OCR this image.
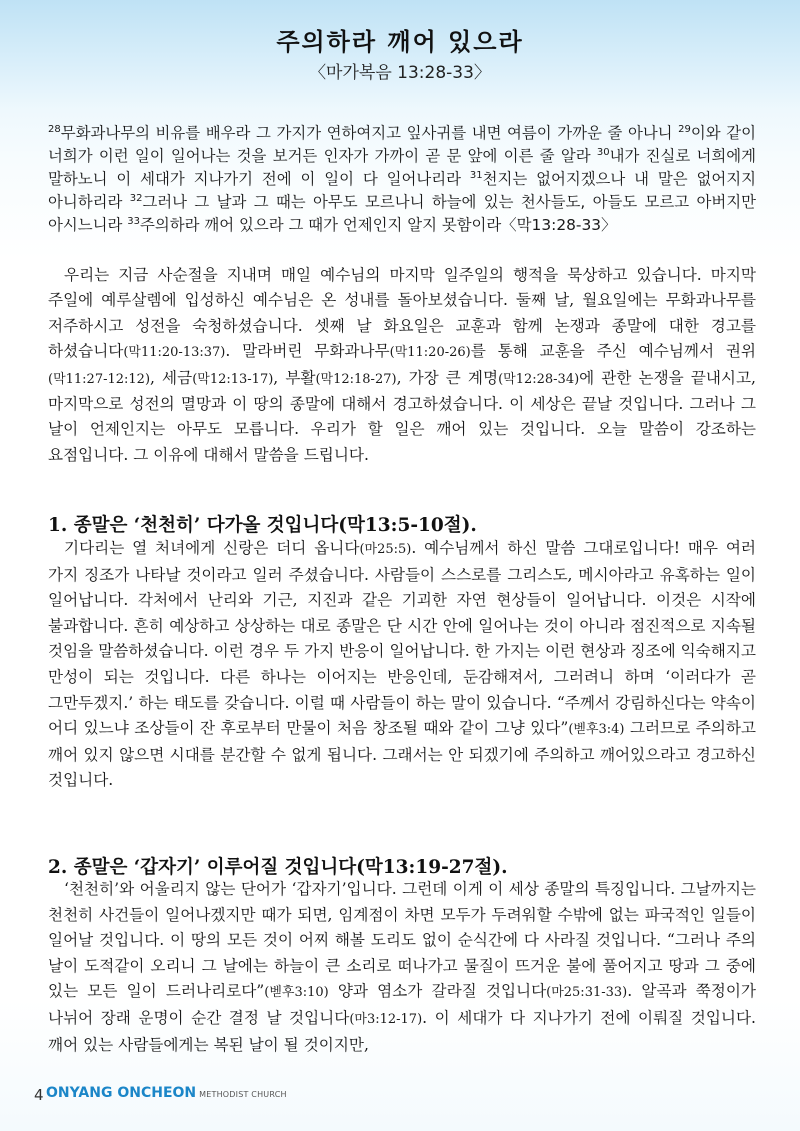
주의하라 깨어 있으라
〈마가복음 13:28-33〉
$^{28}$무화과나무의 비유를 배우라 그 가지가 연하여지고 잎사귀를 내면 여름이 가까운 줄 아나니 $^{29}$이와 같이 너희가 이런 일이 일어나는 것을 보거든 인자가 가까이 곧 문 앞에 이른 줄 알라 $^{30}$내가 진실로 너희에게 말하노니 이 세대가 지나가기 전에 이 일이 다 일어나리라 $^{31}$천지는 없어지겠으나 내 말은 없어지지 아니하리라 $^{32}$그러나 그 날과 그 때는 아무도 모르나니 하늘에 있는 천사들도, 아들도 모르고 아버지만 아시느니라 $^{33}$주의하라 깨어 있으라 그 때가 언제인지 알지 못함이라〈막13:28-33〉
우리는 지금 사순절을 지내며 매일 예수님의 마지막 일주일의 행적을 묵상하고 있습니다. 마지막 주일에 예루살렘에 입성하신 예수님은 온 성내를 돌아보셨습니다. 둘째 날, 월요일에는 무화과나무를 저주하시고 성전을 숙청하셨습니다. 셋째 날 화요일은 교훈과 함께 논쟁과 종말에 대한 경고를 하셨습니다(막11:20-13:37). 말라버린 무화과나무(막11:20-26)를 통해 교훈을 주신 예수님께서 권위(막11:27-12:12), 세금(막12:13-17), 부활(막12:18-27), 가장 큰 계명(막12:28-34)에 관한 논쟁을 끝내시고, 마지막으로 성전의 멸망과 이 땅의 종말에 대해서 경고하셨습니다. 이 세상은 끝날 것입니다. 그러나 그 날이 언제인지는 아무도 모릅니다. 우리가 할 일은 깨어 있는 것입니다. 오늘 말씀이 강조하는 요점입니다. 그 이유에 대해서 말씀을 드립니다.
1. 종말은 ‘천천히’ 다가올 것입니다(막13:5-10절).
기다리는 열 처녀에게 신랑은 더디 옵니다(마25:5). 예수님께서 하신 말씀 그대로입니다! 매우 여러 가지 징조가 나타날 것이라고 일러 주셨습니다. 사람들이 스스로를 그리스도, 메시아라고 유혹하는 일이 일어납니다. 각처에서 난리와 기근, 지진과 같은 기괴한 자연 현상들이 일어납니다. 이것은 시작에 불과합니다. 흔히 예상하고 상상하는 대로 종말은 단 시간 안에 일어나는 것이 아니라 점진적으로 지속될 것임을 말씀하셨습니다. 이런 경우 두 가지 반응이 일어납니다. 한 가지는 이런 현상과 징조에 익숙해지고 만성이 되는 것입니다. 다른 하나는 이어지는 반응인데, 둔감해져서, 그러려니 하며 ‘이러다가 곧 그만두겠지.’ 하는 태도를 갖습니다. 이럴 때 사람들이 하는 말이 있습니다. “주께서 강림하신다는 약속이 어디 있느냐 조상들이 잔 후로부터 만물이 처음 창조될 때와 같이 그냥 있다”(벧후3:4) 그러므로 주의하고 깨어 있지 않으면 시대를 분간할 수 없게 됩니다. 그래서는 안 되겠기에 주의하고 깨어있으라고 경고하신 것입니다.
2. 종말은 ‘갑자기’ 이루어질 것입니다(막13:19-27절).
‘천천히’와 어울리지 않는 단어가 ‘갑자기’입니다. 그런데 이게 이 세상 종말의 특징입니다. 그날까지는 천천히 사건들이 일어나겠지만 때가 되면, 임계점이 차면 모두가 두려워할 수밖에 없는 파국적인 일들이 일어날 것입니다. 이 땅의 모든 것이 어찌 해볼 도리도 없이 순식간에 다 사라질 것입니다. “그러나 주의 날이 도적같이 오리니 그 날에는 하늘이 큰 소리로 떠나가고 물질이 뜨거운 불에 풀어지고 땅과 그 중에 있는 모든 일이 드러나리로다”(벧후3:10) 양과 염소가 갈라질 것입니다(마25:31-33). 알곡과 쭉정이가 나뉘어 장래 운명이 순간 결정 날 것입니다(마3:12-17). 이 세대가 다 지나가기 전에 이뤄질 것입니다. 깨어 있는 사람들에게는 복된 날이 될 것이지만,
4 ONYANG ONCHEON METHODIST CHURCH
